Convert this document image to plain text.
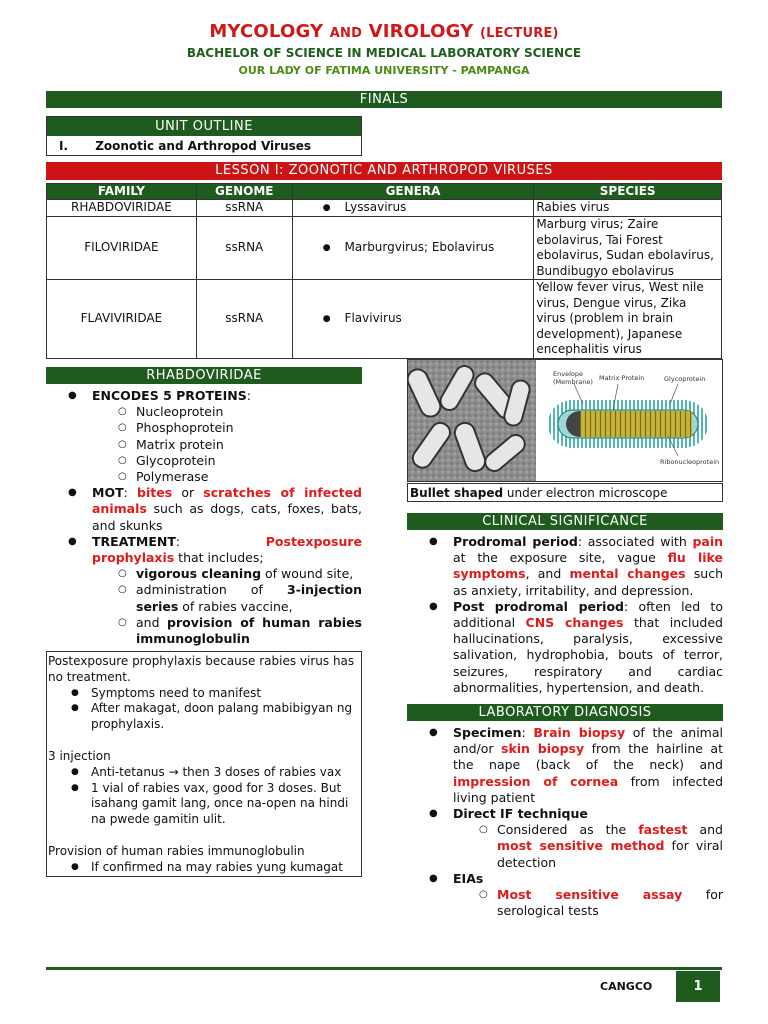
MYCOLOGY AND VIROLOGY (LECTURE)
BACHELOR OF SCIENCE IN MEDICAL LABORATORY SCIENCE
OUR LADY OF FATIMA UNIVERSITY - PAMPANGA
FINALS
UNIT OUTLINE
I. Zoonotic and Arthropod Viruses
LESSON I: ZOONOTIC AND ARTHROPOD VIRUSES
FAMILY	GENOME	GENERA	SPECIES
RHABDOVIRIDAE	ssRNA	●Lyssavirus	Rabies virus
FILOVIRIDAE	ssRNA	●Marburgvirus; Ebolavirus	Marburg virus; Zaire ebolavirus, Tai Forest ebolavirus, Sudan ebolavirus, Bundibugyo ebolavirus
FLAVIVIRIDAE	ssRNA	●Flavivirus	Yellow fever virus, West nile virus, Dengue virus, Zika virus (problem in brain development), Japanese encephalitis virus
RHABDOVIRIDAE
● ENCODES 5 PROTEINS:
○ Nucleoprotein
○ Phosphoprotein
○ Matrix protein
○ Glycoprotein
○ Polymerase
● MOT: bites or scratches of infected animals such as dogs, cats, foxes, bats, and skunks
● TREATMENT: Postexposure prophylaxis that includes;
○ vigorous cleaning of wound site,
○ administration of 3-injection series of rabies vaccine,
○ and provision of human rabies immunoglobulin

Postexposure prophylaxis because rabies virus has no treatment.

● Symptoms need to manifest
● After makagat, doon palang mabibigyan ng prophylaxis.

3 injection

● Anti-tetanus → then 3 doses of rabies vax
● 1 vial of rabies vax, good for 3 doses. But isahang gamit lang, once na-open na hindi na pwede gamitin ulit.

Provision of human rabies immunoglobulin

● If confirmed na may rabies yung kumagat
Envelope
(Membrane) Matrix Protein	Glycoprotein
Ribonucleoprotein
Bullet shaped under electron microscope
CLINICAL SIGNIFICANCE
● Prodromal period: associated with pain at the exposure site, vague flu like symptoms, and mental changes such as anxiety, irritability, and depression.
● Post prodromal period: often led to additional CNS changes that included hallucinations, paralysis, excessive salivation, hydrophobia, bouts of terror, seizures, respiratory and cardiac abnormalities, hypertension, and death.
LABORATORY DIAGNOSIS
● Specimen: Brain biopsy of the animal and/or skin biopsy from the hairline at the nape (back of the neck) and impression of cornea from infected living patient
● Direct IF technique
○ Considered as the fastest and most sensitive method for viral detection
● EIAs
○ Most sensitive assay for serological tests
CANGCO	1
